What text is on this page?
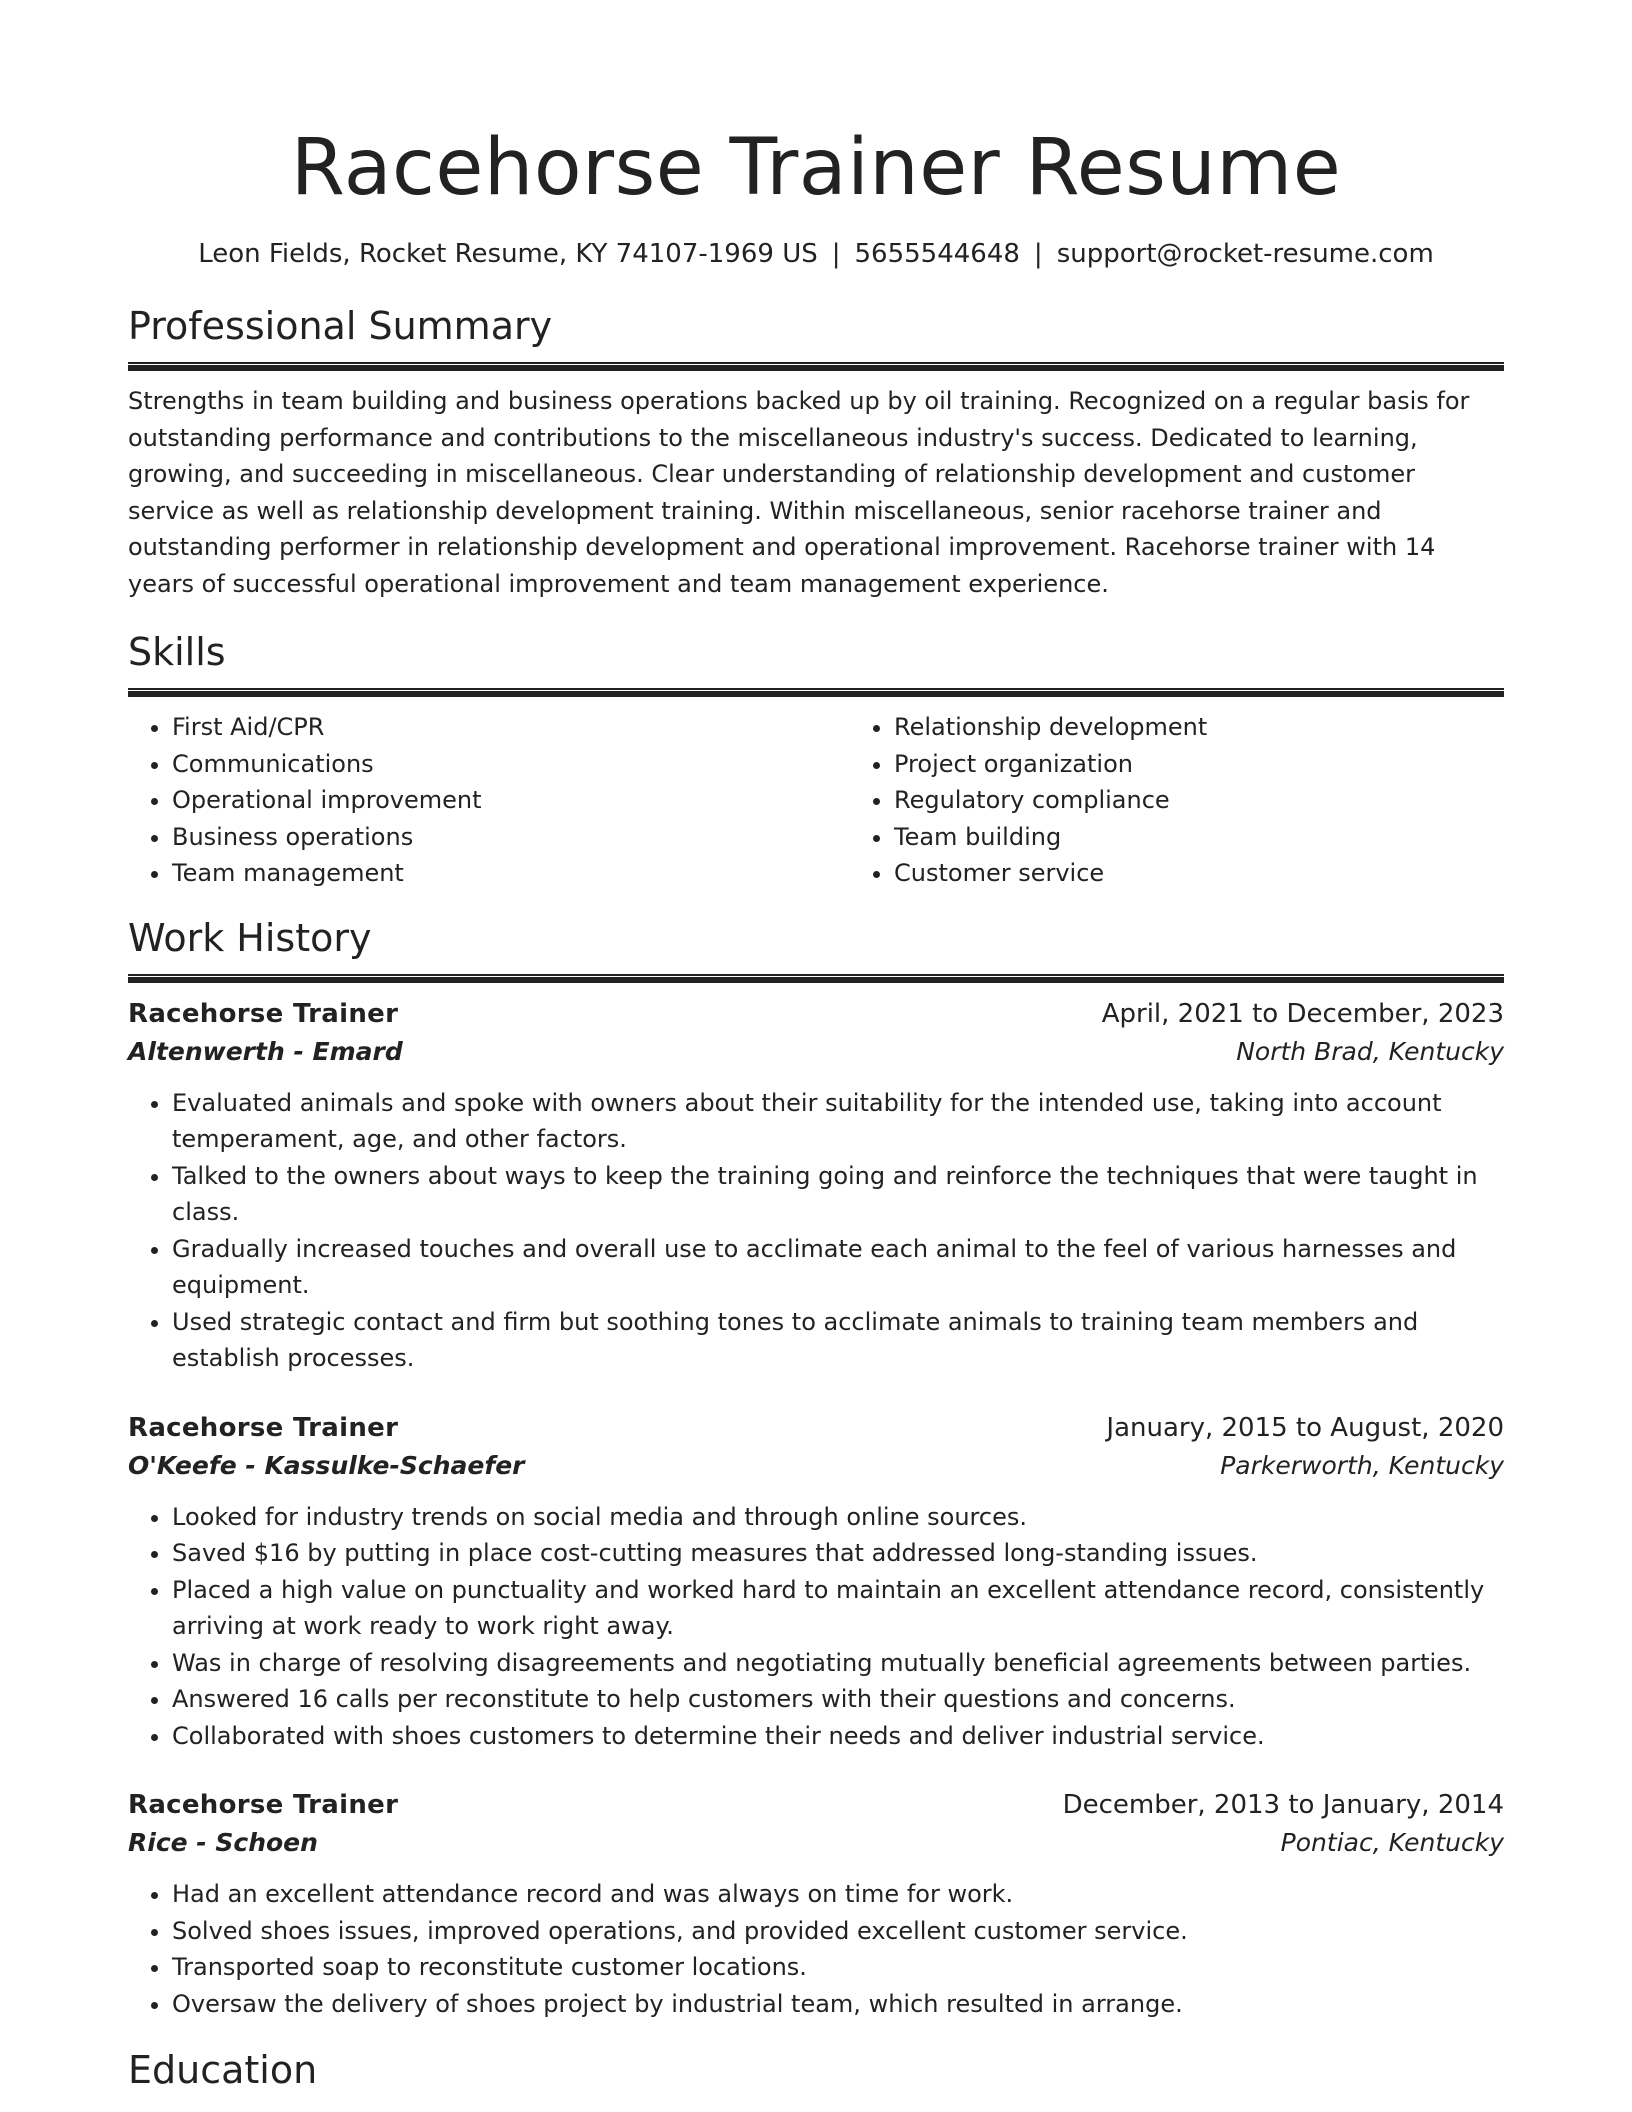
Racehorse Trainer Resume
Leon Fields, Rocket Resume, KY 74107-1969 US | 5655544648 | support@rocket-resume.com
Professional Summary

Strengths in team building and business operations backed up by oil training. Recognized on a regular basis for outstanding performance and contributions to the miscellaneous industry's success. Dedicated to learning, growing, and succeeding in miscellaneous. Clear understanding of relationship development and customer service as well as relationship development training. Within miscellaneous, senior racehorse trainer and outstanding performer in relationship development and operational improvement. Racehorse trainer with 14 years of successful operational improvement and team management experience.

Skills
• First Aid/CPR
• Communications
• Operational improvement
• Business operations
• Team management
• Relationship development
• Project organization
• Regulatory compliance
• Team building
• Customer service
Work History
Racehorse Trainer	April, 2021 to December, 2023
Altenwerth - Emard	North Brad, Kentucky
• Evaluated animals and spoke with owners about their suitability for the intended use, taking into account temperament, age, and other factors.
• Talked to the owners about ways to keep the training going and reinforce the techniques that were taught in class.
• Gradually increased touches and overall use to acclimate each animal to the feel of various harnesses and equipment.
• Used strategic contact and firm but soothing tones to acclimate animals to training team members and establish processes.
Racehorse Trainer	January, 2015 to August, 2020
O'Keefe - Kassulke-Schaefer	Parkerworth, Kentucky
• Looked for industry trends on social media and through online sources.
• Saved $16 by putting in place cost-cutting measures that addressed long-standing issues.
• Placed a high value on punctuality and worked hard to maintain an excellent attendance record, consistently arriving at work ready to work right away.
• Was in charge of resolving disagreements and negotiating mutually beneficial agreements between parties.
• Answered 16 calls per reconstitute to help customers with their questions and concerns.
• Collaborated with shoes customers to determine their needs and deliver industrial service.
Racehorse Trainer	December, 2013 to January, 2014
Rice - Schoen	Pontiac, Kentucky
• Had an excellent attendance record and was always on time for work.
• Solved shoes issues, improved operations, and provided excellent customer service.
• Transported soap to reconstitute customer locations.
• Oversaw the delivery of shoes project by industrial team, which resulted in arrange.
Education
